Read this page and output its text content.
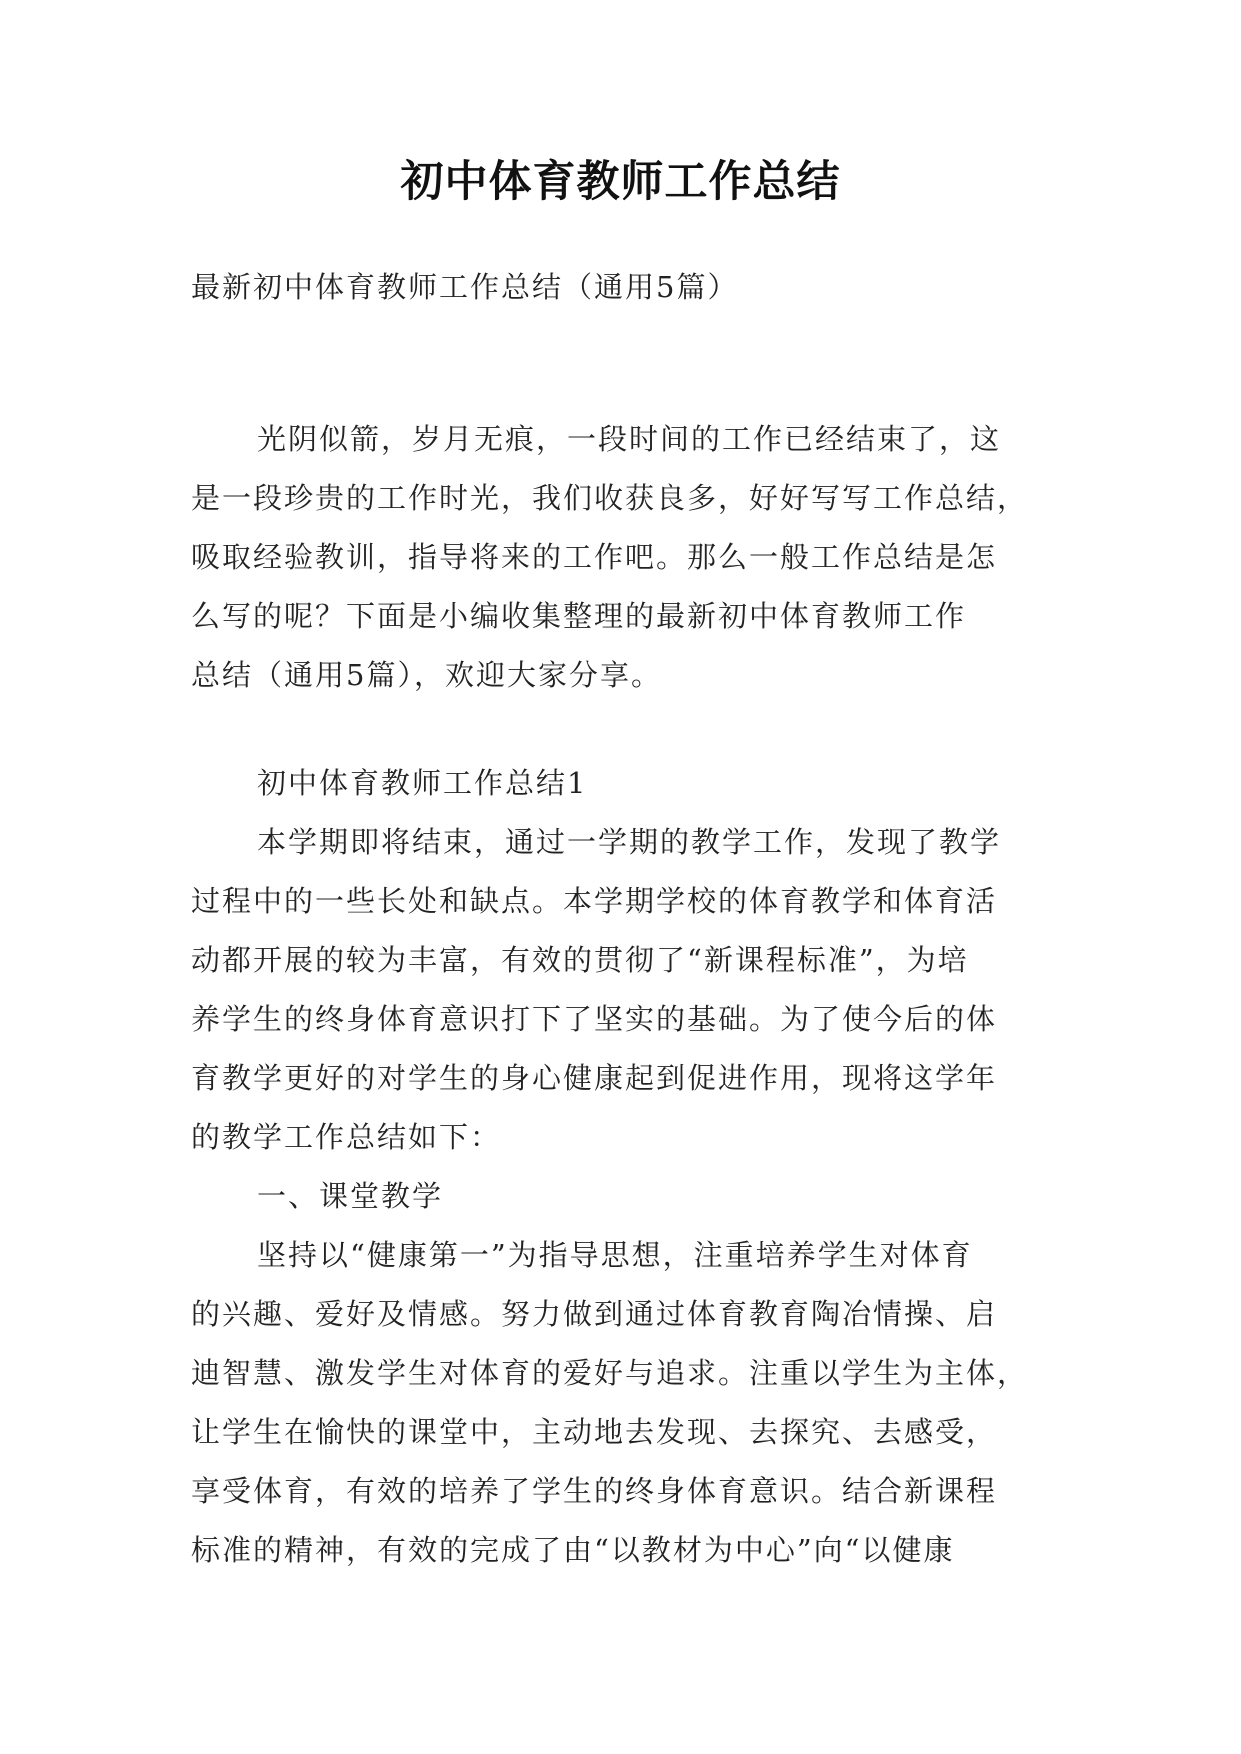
初中体育教师工作总结
最新初中体育教师工作总结（通用5篇）
光阴似箭，岁月无痕，一段时间的工作已经结束了，这
是一段珍贵的工作时光，我们收获良多，好好写写工作总结，
吸取经验教训，指导将来的工作吧。那么一般工作总结是怎
么写的呢？下面是小编收集整理的最新初中体育教师工作
总结（通用5篇），欢迎大家分享。
初中体育教师工作总结1
本学期即将结束，通过一学期的教学工作，发现了教学
过程中的一些长处和缺点。本学期学校的体育教学和体育活
动都开展的较为丰富，有效的贯彻了“新课程标准”，为培
养学生的终身体育意识打下了坚实的基础。为了使今后的体
育教学更好的对学生的身心健康起到促进作用，现将这学年
的教学工作总结如下：
一、课堂教学
坚持以“健康第一”为指导思想，注重培养学生对体育
的兴趣、爱好及情感。努力做到通过体育教育陶冶情操、启
迪智慧、激发学生对体育的爱好与追求。注重以学生为主体，
让学生在愉快的课堂中，主动地去发现、去探究、去感受，
享受体育，有效的培养了学生的终身体育意识。结合新课程
标准的精神，有效的完成了由“以教材为中心”向“以健康
